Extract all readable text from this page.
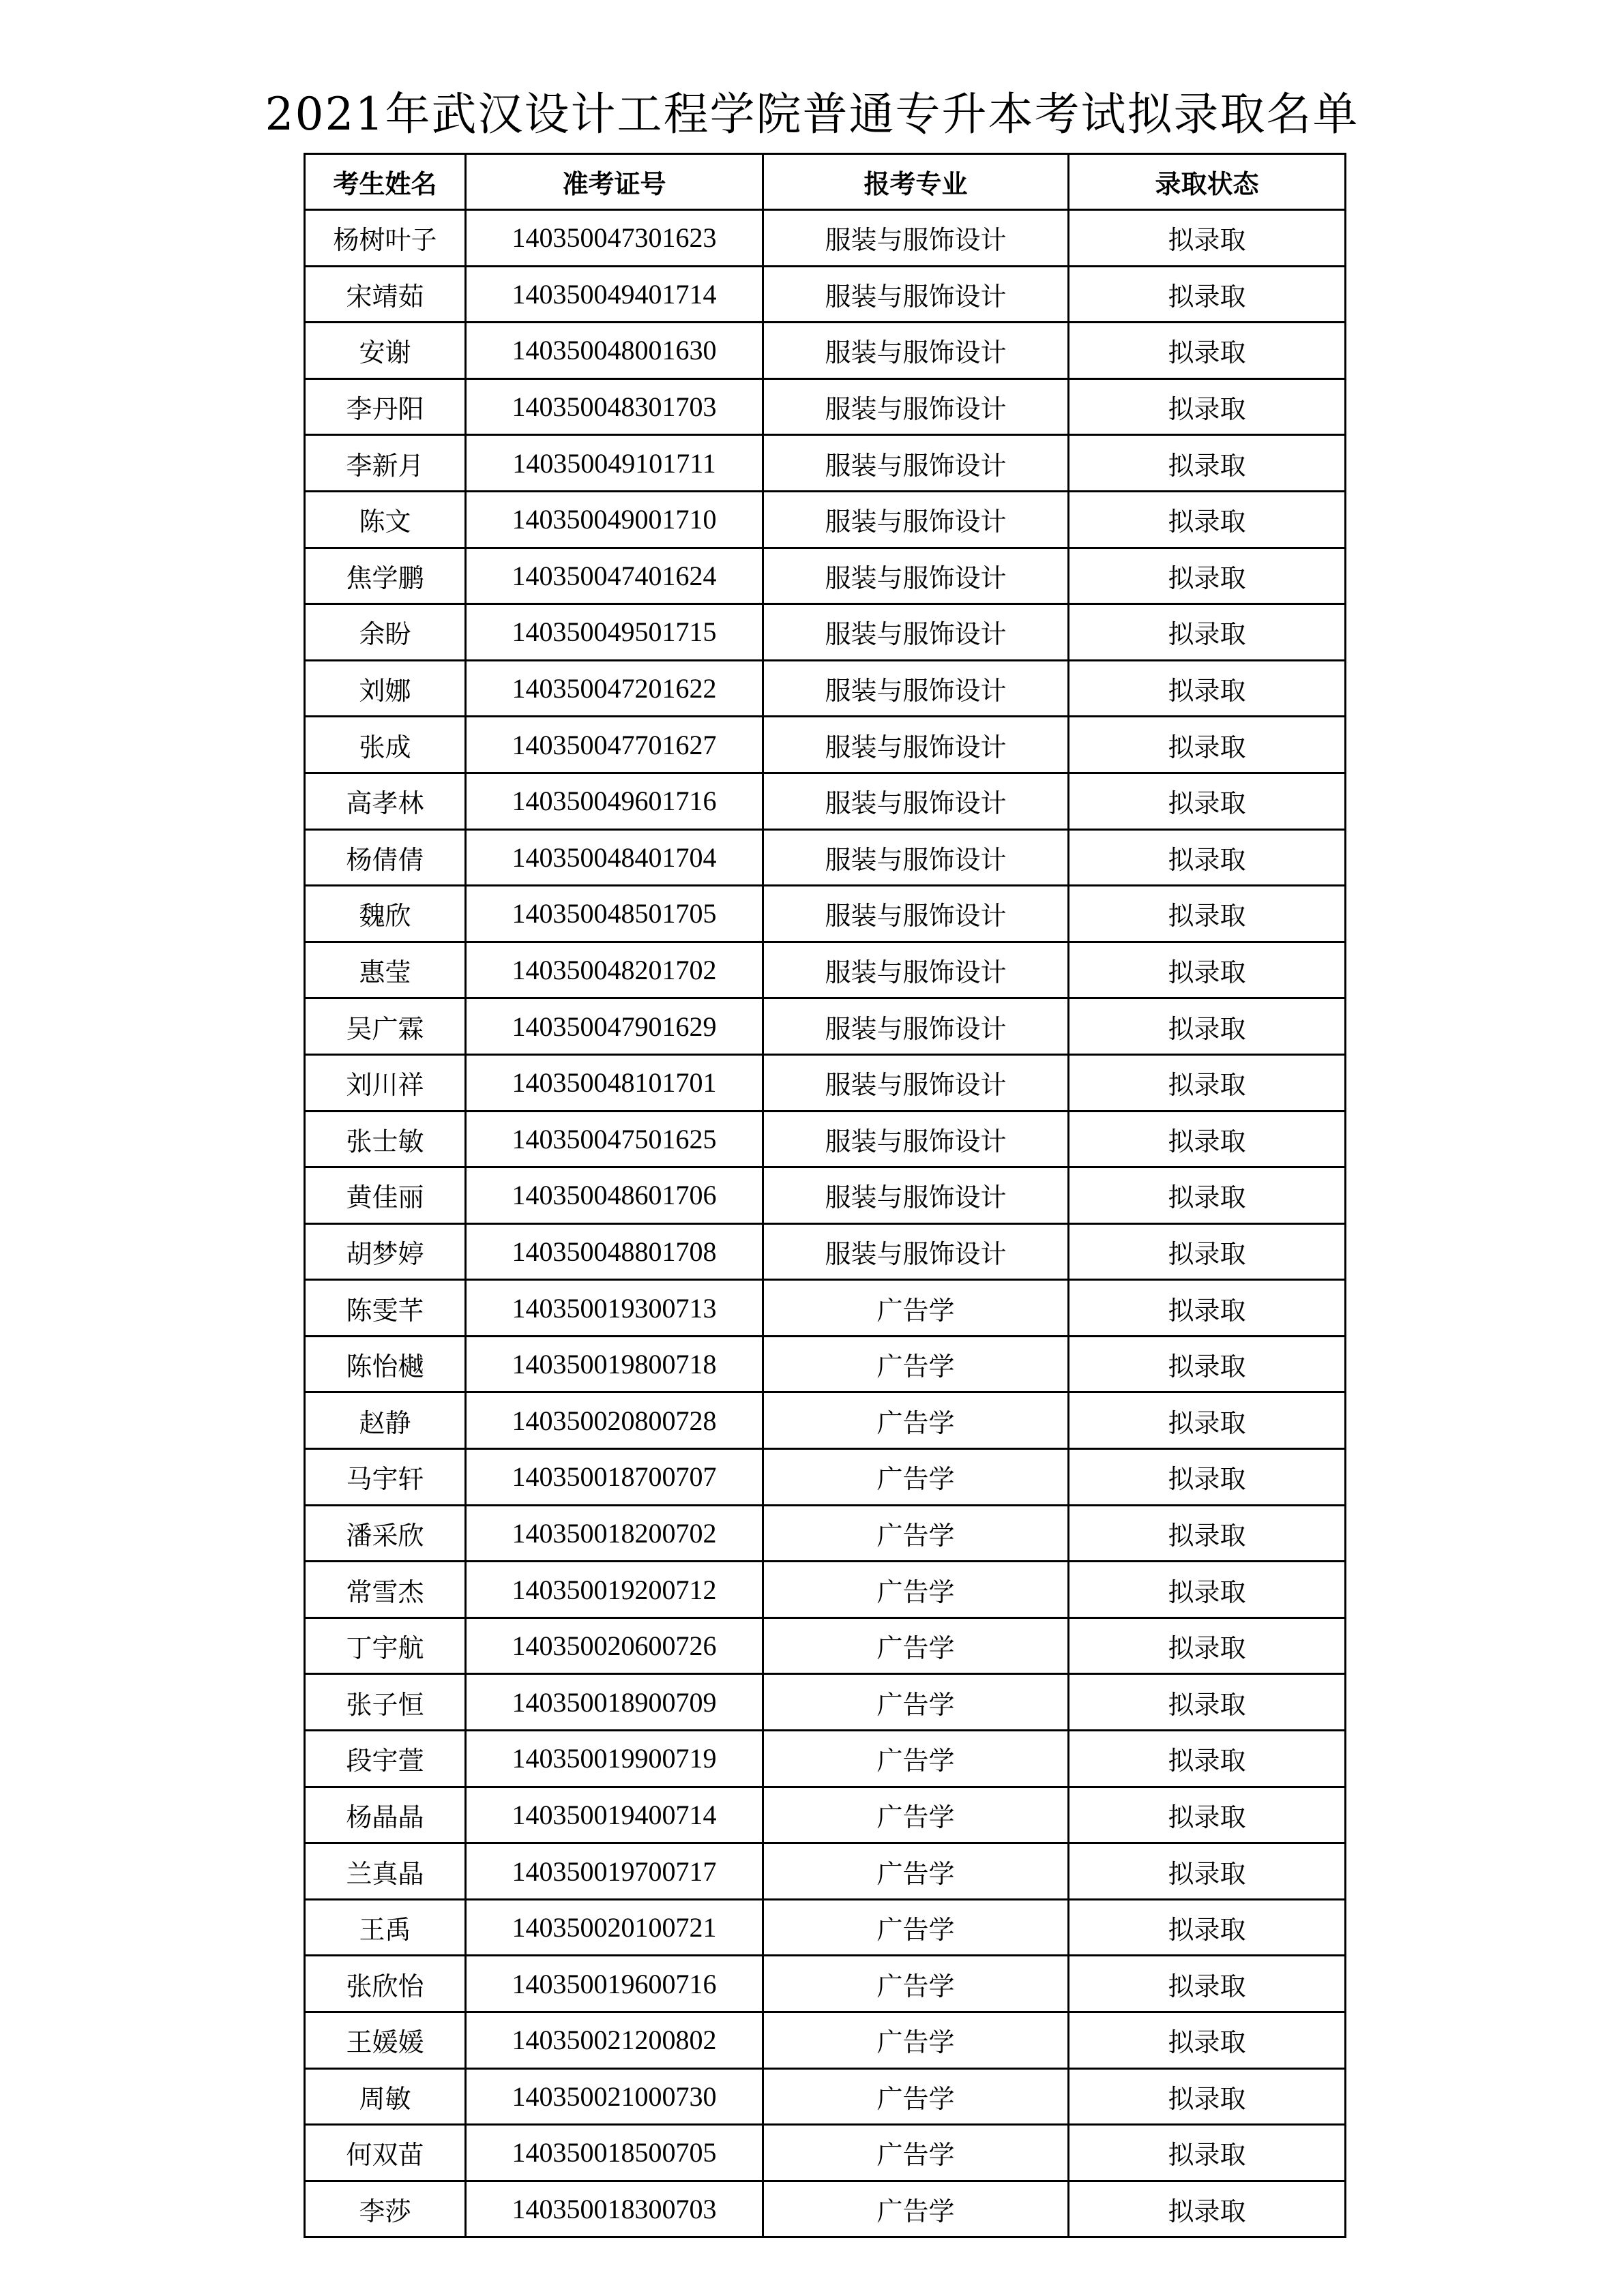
2021年武汉设计工程学院普通专升本考试拟录取名单
考生姓名	准考证号	报考专业	录取状态
杨树叶子	140350047301623	服装与服饰设计	拟录取
宋靖茹	140350049401714	服装与服饰设计	拟录取
安谢	140350048001630	服装与服饰设计	拟录取
李丹阳	140350048301703	服装与服饰设计	拟录取
李新月	140350049101711	服装与服饰设计	拟录取
陈文	140350049001710	服装与服饰设计	拟录取
焦学鹏	140350047401624	服装与服饰设计	拟录取
余盼	140350049501715	服装与服饰设计	拟录取
刘娜	140350047201622	服装与服饰设计	拟录取
张成	140350047701627	服装与服饰设计	拟录取
高孝林	140350049601716	服装与服饰设计	拟录取
杨倩倩	140350048401704	服装与服饰设计	拟录取
魏欣	140350048501705	服装与服饰设计	拟录取
惠莹	140350048201702	服装与服饰设计	拟录取
吴广霖	140350047901629	服装与服饰设计	拟录取
刘川祥	140350048101701	服装与服饰设计	拟录取
张士敏	140350047501625	服装与服饰设计	拟录取
黄佳丽	140350048601706	服装与服饰设计	拟录取
胡梦婷	140350048801708	服装与服饰设计	拟录取
陈雯芊	140350019300713	广告学	拟录取
陈怡樾	140350019800718	广告学	拟录取
赵静	140350020800728	广告学	拟录取
马宇轩	140350018700707	广告学	拟录取
潘采欣	140350018200702	广告学	拟录取
常雪杰	140350019200712	广告学	拟录取
丁宇航	140350020600726	广告学	拟录取
张子恒	140350018900709	广告学	拟录取
段宇萱	140350019900719	广告学	拟录取
杨晶晶	140350019400714	广告学	拟录取
兰真晶	140350019700717	广告学	拟录取
王禹	140350020100721	广告学	拟录取
张欣怡	140350019600716	广告学	拟录取
王媛媛	140350021200802	广告学	拟录取
周敏	140350021000730	广告学	拟录取
何双苗	140350018500705	广告学	拟录取
李莎	140350018300703	广告学	拟录取
